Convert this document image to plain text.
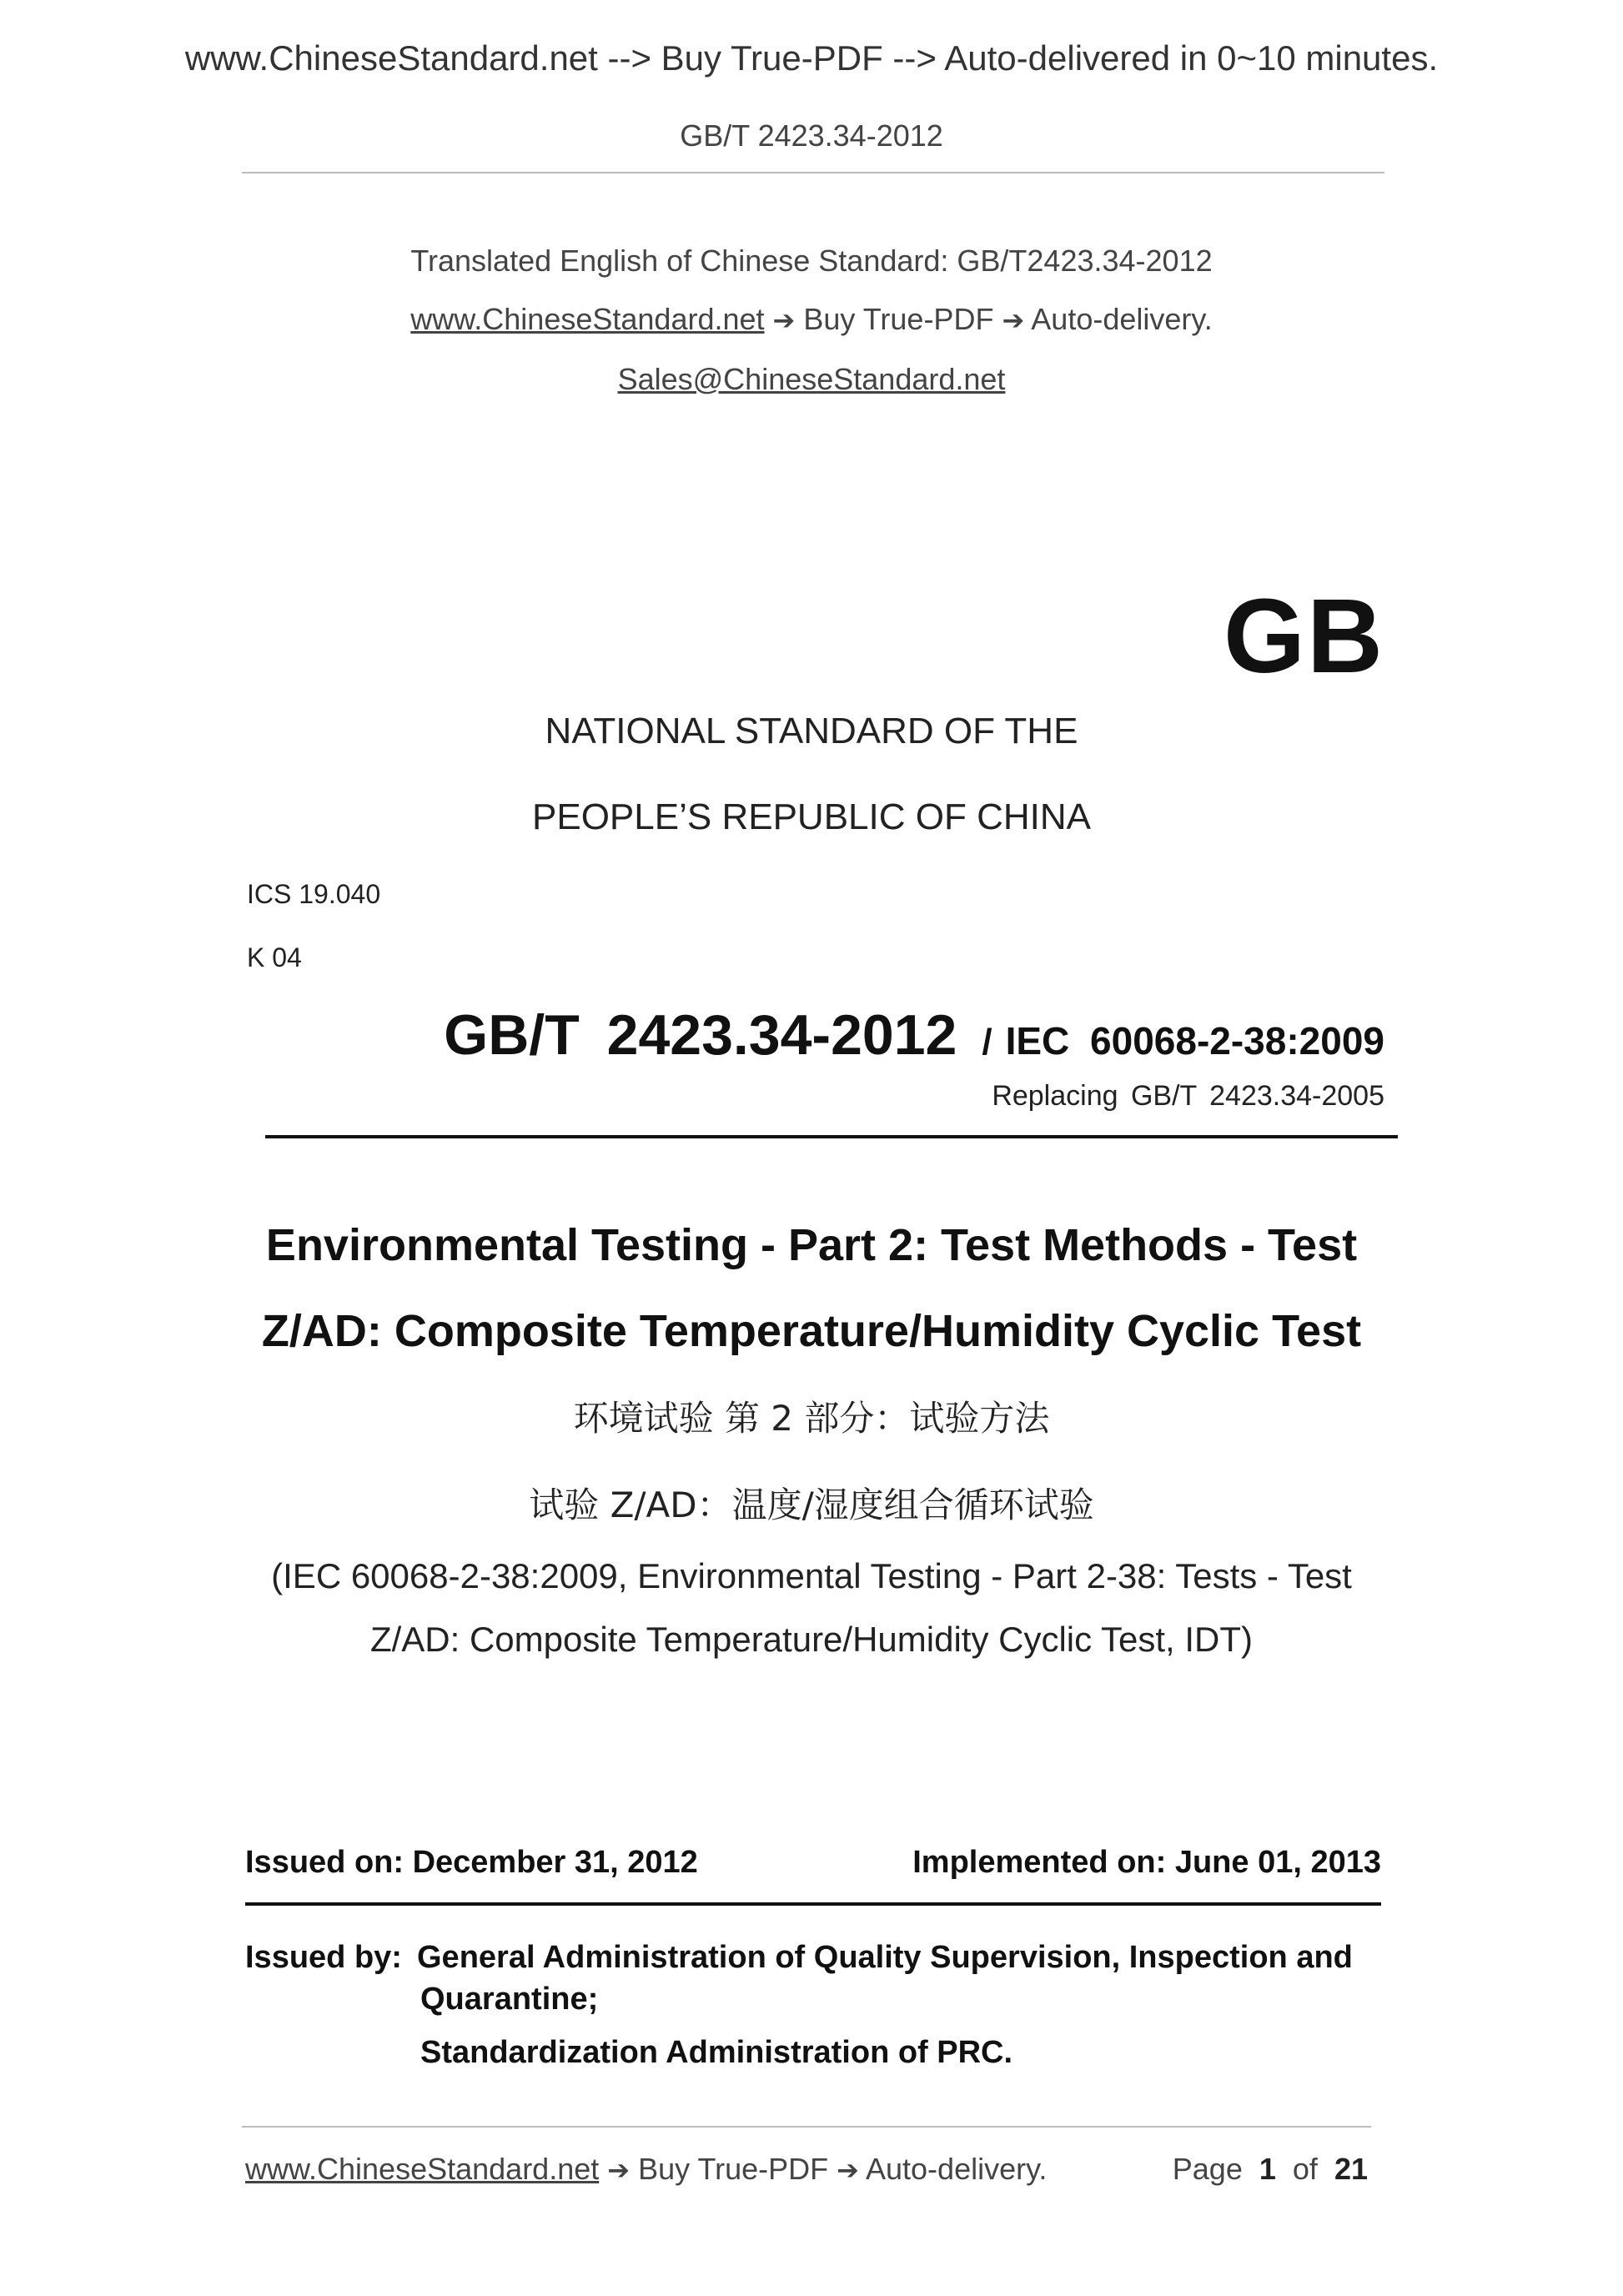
www.ChineseStandard.net --> Buy True-PDF --> Auto-delivered in 0~10 minutes.
GB/T 2423.34-2012
Translated English of Chinese Standard: GB/T2423.34-2012
www.ChineseStandard.net ➔ Buy True-PDF ➔ Auto-delivery.
Sales@ChineseStandard.net
GB
NATIONAL STANDARD OF THE
PEOPLE’S REPUBLIC OF CHINA
ICS 19.040
K 04
GB/T 2423.34-2012 / IEC 60068-2-38:2009
Replacing GB/T 2423.34-2005
Environmental Testing - Part 2: Test Methods - Test
Z/AD: Composite Temperature/Humidity Cyclic Test
环境试验 第 2 部分：试验方法
试验 Z/AD：温度/湿度组合循环试验
(IEC 60068-2-38:2009, Environmental Testing - Part 2-38: Tests - Test
Z/AD: Composite Temperature/Humidity Cyclic Test, IDT)
Issued on: December 31, 2012	Implemented on: June 01, 2013
Issued by: General Administration of Quality Supervision, Inspection and
Quarantine;
Standardization Administration of PRC.
www.ChineseStandard.net ➔ Buy True-PDF ➔ Auto-delivery.	Page 1 of 21
